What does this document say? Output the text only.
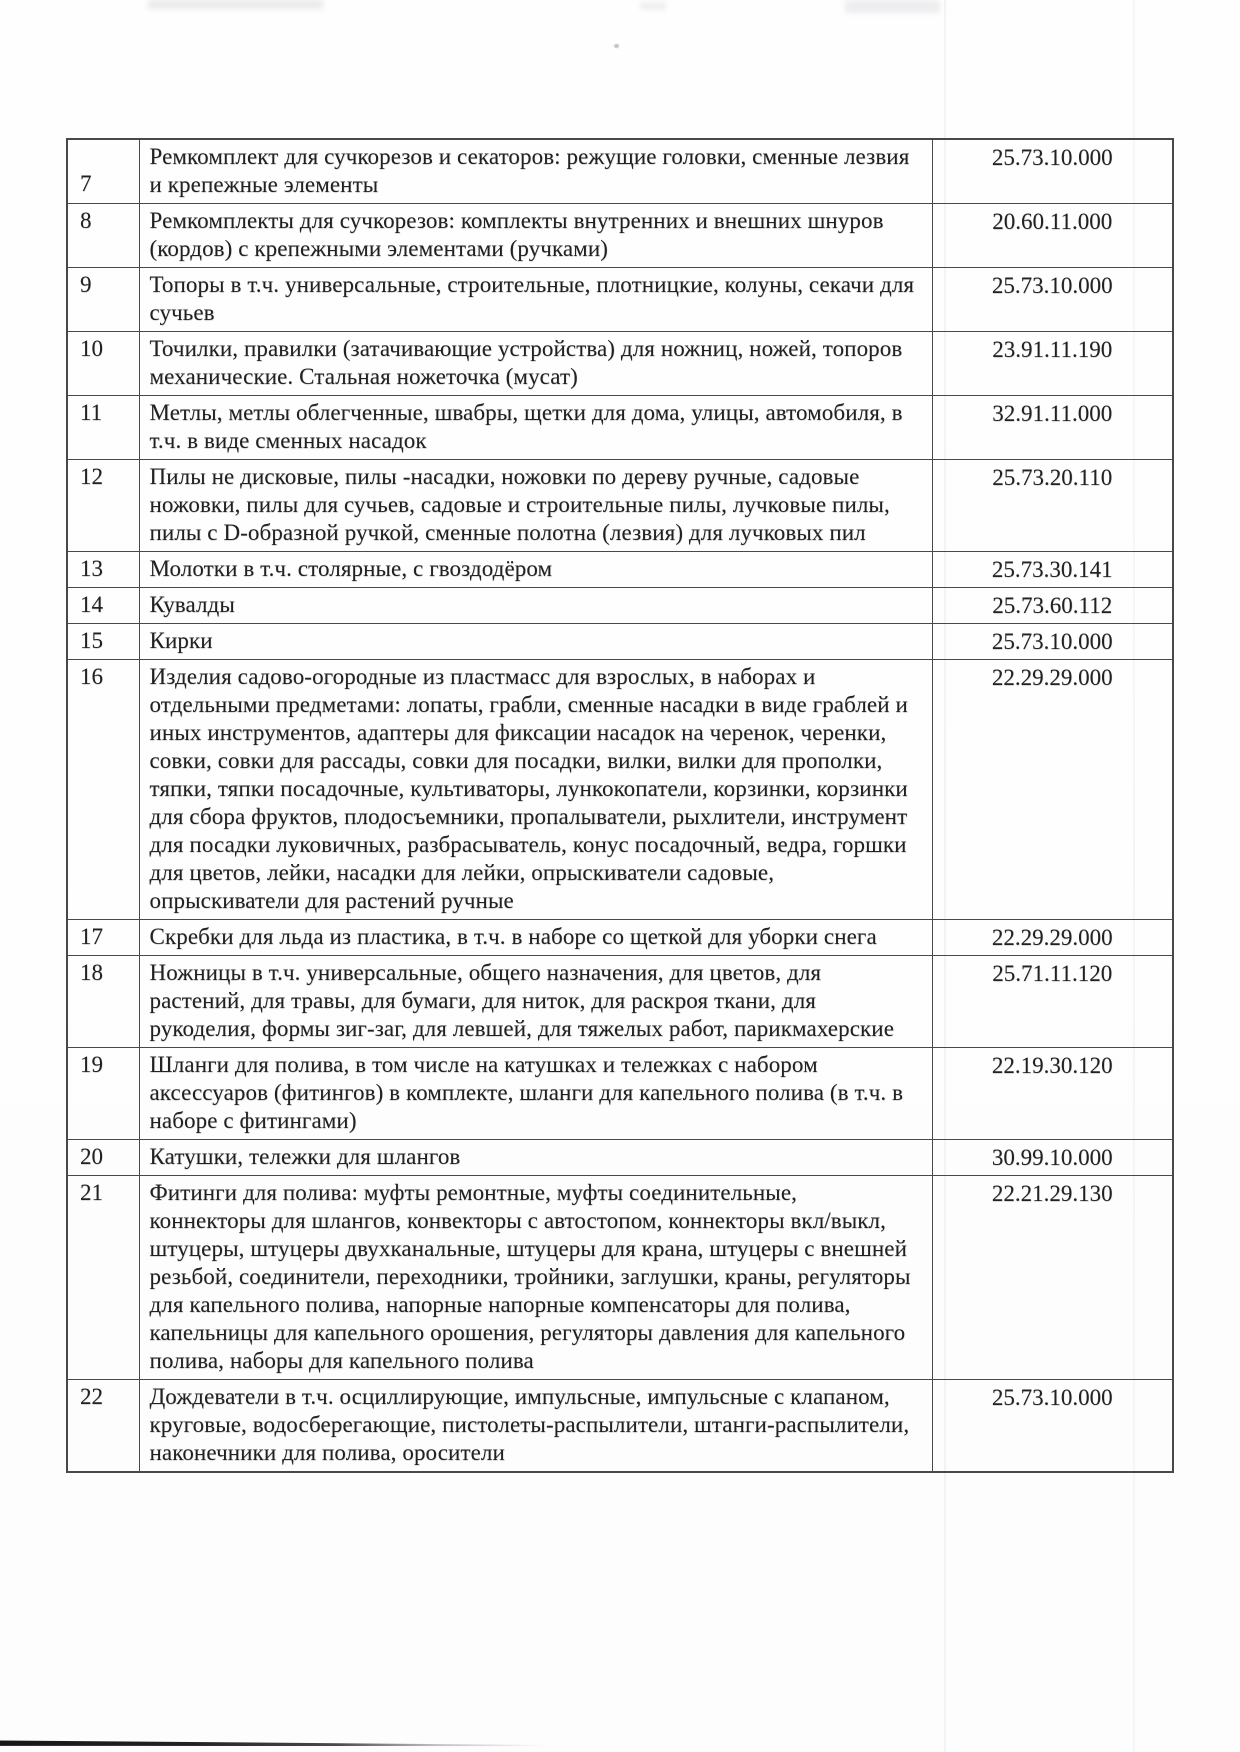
7	Ремкомплект для сучкорезов и секаторов: режущие головки, сменные лезвия и крепежные элементы	25.73.10.000
8	Ремкомплекты для сучкорезов: комплекты внутренних и внешних шнуров (кордов) с крепежными элементами (ручками)	20.60.11.000
9	Топоры в т.ч. универсальные, строительные, плотницкие, колуны, секачи для сучьев	25.73.10.000
10	Точилки, правилки (затачивающие устройства) для ножниц, ножей, топоров механические. Стальная ножеточка (мусат)	23.91.11.190
11	Метлы, метлы облегченные, швабры, щетки для дома, улицы, автомобиля, в т.ч. в виде сменных насадок	32.91.11.000
12	Пилы не дисковые, пилы -насадки, ножовки по дереву ручные, садовые ножовки, пилы для сучьев, садовые и строительные пилы, лучковые пилы, пилы с D-образной ручкой, сменные полотна (лезвия) для лучковых пил	25.73.20.110
13	Молотки в т.ч. столярные, с гвоздодёром	25.73.30.141
14	Кувалды	25.73.60.112
15	Кирки	25.73.10.000
16	Изделия садово-огородные из пластмасс для взрослых, в наборах и отдельными предметами: лопаты, грабли, сменные насадки в виде граблей и иных инструментов, адаптеры для фиксации насадок на черенок, черенки, совки, совки для рассады, совки для посадки, вилки, вилки для прополки, тяпки, тяпки посадочные, культиваторы, лункокопатели, корзинки, корзинки для сбора фруктов, плодосъемники, пропалыватели, рыхлители, инструмент для посадки луковичных, разбрасыватель, конус посадочный, ведра, горшки для цветов, лейки, насадки для лейки, опрыскиватели садовые, опрыскиватели для растений ручные	22.29.29.000
17	Скребки для льда из пластика, в т.ч. в наборе со щеткой для уборки снега	22.29.29.000
18	Ножницы в т.ч. универсальные, общего назначения, для цветов, для растений, для травы, для бумаги, для ниток, для раскроя ткани, для рукоделия, формы зиг-заг, для левшей, для тяжелых работ, парикмахерские	25.71.11.120
19	Шланги для полива, в том числе на катушках и тележках с набором аксессуаров (фитингов) в комплекте, шланги для капельного полива (в т.ч. в наборе с фитингами)	22.19.30.120
20	Катушки, тележки для шлангов	30.99.10.000
21	Фитинги для полива: муфты ремонтные, муфты соединительные, коннекторы для шлангов, конвекторы с автостопом, коннекторы вкл/выкл, штуцеры, штуцеры двухканальные, штуцеры для крана, штуцеры с внешней резьбой, соединители, переходники, тройники, заглушки, краны, регуляторы для капельного полива, напорные напорные компенсаторы для полива, капельницы для капельного орошения, регуляторы давления для капельного полива, наборы для капельного полива	22.21.29.130
22	Дождеватели в т.ч. осциллирующие, импульсные, импульсные с клапаном, круговые, водосберегающие, пистолеты-распылители, штанги-распылители, наконечники для полива, оросители	25.73.10.000
